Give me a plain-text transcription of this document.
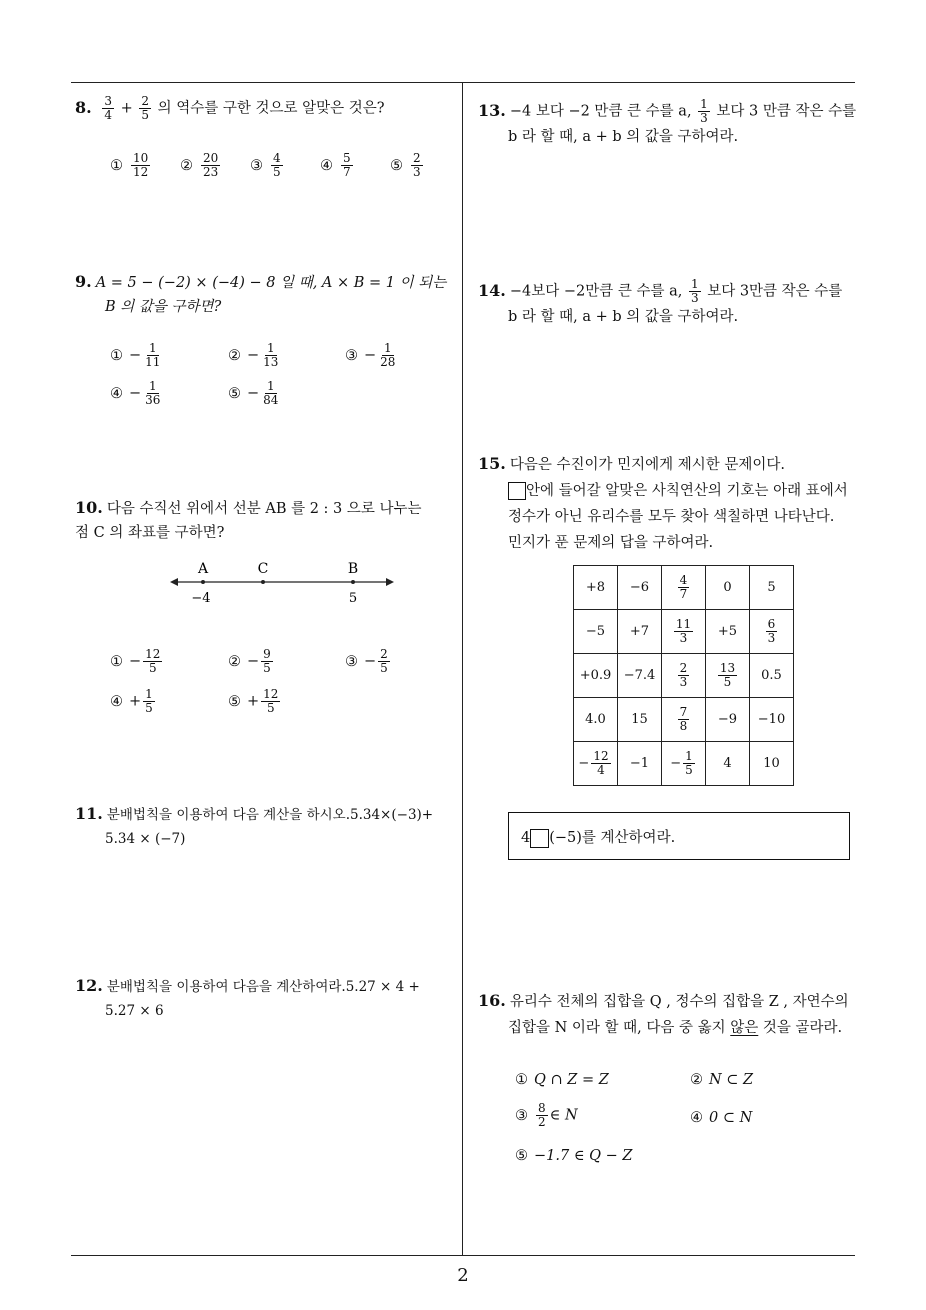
2
8. $\frac{3}{4} + \frac{2}{5}$ 의 역수를 구한 것으로 알맞은 것은?
① $\frac{10}{12}$ ② $\frac{20}{23}$ ③ $\frac{4}{5}$	④ $\frac{5}{7}$	⑤ $\frac{2}{3}$
9. A = 5 − (−2) × (−4) − 8 일 때, A × B = 1 이 되는
B 의 값을 구하면?
① − $\frac{1}{11}$	② − $\frac{1}{13}$	③ − $\frac{1}{28}$
④ − $\frac{1}{36}$	⑤ − $\frac{1}{84}$
10. 다음 수직선 위에서 선분 AB 를 2 : 3 으로 나누는
점 C 의 좌표를 구하면?
A	C	B
−4	5
① − $\frac{12}{5}$	② − $\frac{9}{5}$	③ − $\frac{2}{5}$
④ + $\frac{1}{5}$	⑤ + $\frac{12}{5}$
11. 분배법칙을 이용하여 다음 계산을 하시오.5.34×(−3)+
5.34 × (−7)
12. 분배법칙을 이용하여 다음을 계산하여라.5.27 × 4 +
5.27 × 6
13. −4 보다 −2 만큼 큰 수를 a, $\frac{1}{3}$ 보다 3 만큼 작은 수를
b 라 할 때, a + b 의 값을 구하여라.
14. −4보다 −2만큼 큰 수를 a, $\frac{1}{3}$ 보다 3만큼 작은 수를
b 라 할 때, a + b 의 값을 구하여라.
15. 다음은 수진이가 민지에게 제시한 문제이다.
안에 들어갈 알맞은 사칙연산의 기호는 아래 표에서
정수가 아닌 유리수를 모두 찾아 색칠하면 나타난다.
민지가 푼 문제의 답을 구하여라.
+8	−6	$\frac{4}{7}$	0	5
−5	+7	$\frac{11}{3}$	+5	$\frac{6}{3}$

+0.9	−7.4	$\frac{2}{3}$	$\frac{13}{5}$	0.5
4.0	15	$\frac{7}{8}$	−9	−10
− $\frac{12}{4}$	−1	− $\frac{1}{5}$	4	10
4 (−5)를 계산하여라.
16. 유리수 전체의 집합을 Q , 정수의 집합을 Z , 자연수의
집합을 N 이라 할 때, 다음 중 옳지 않은 것을 골라라.
① Q ∩ Z = Z	② N ⊂ Z
③ $\frac{8}{2}$ ∈ N	④ 0 ⊂ N
⑤ −1.7 ∈ Q − Z
